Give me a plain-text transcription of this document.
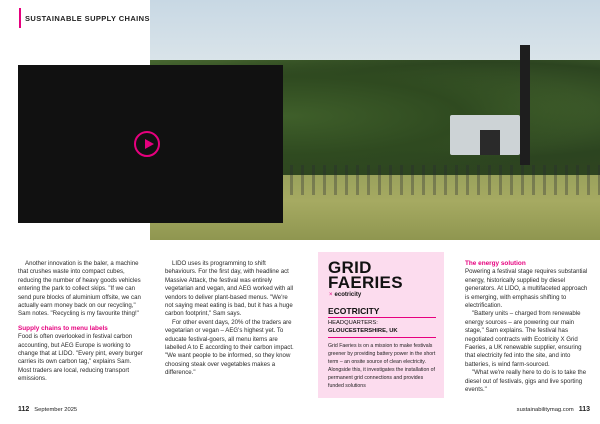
SUSTAINABLE SUPPLY CHAINS

Another innovation is the baler, a machine that crushes waste into compact cubes, reducing the number of heavy goods vehicles entering the park to collect skips. "If we can send pure blocks of aluminium offsite, we can actually earn money back on our recycling," Sam notes. "Recycling is my favourite thing!"

Supply chains to menu labels

Food is often overlooked in festival carbon accounting, but AEG Europe is working to change that at LIDO. "Every pint, every burger carries its own carbon tag," explains Sam. Most traders are local, reducing transport emissions.

LIDO uses its programming to shift behaviours. For the first day, with headline act Massive Attack, the festival was entirely vegetarian and vegan, and AEG worked with all vendors to deliver plant-based menus. "We're not saying meat eating is bad, but it has a huge carbon footprint," Sam says.

For other event days, 20% of the traders are vegetarian or vegan – AEG's highest yet. To educate festival-goers, all menu items are labelled A to E according to their carbon impact. "We want people to be informed, so they know choosing steak over vegetables makes a difference."

GRID
FAERIES
× ecotricity
ECOTRICITY
HEADQUARTERS:
GLOUCESTERSHIRE, UK
Grid Faeries is on a mission to make festivals greener by providing battery power in the short term – an onsite source of clean electricity. Alongside this, it investigates the installation of permanent grid connections and provides funded solutions
The energy solution

Powering a festival stage requires substantial energy, historically supplied by diesel generators. At LIDO, a multifaceted approach is emerging, with emphasis shifting to electrification.

"Battery units – charged from renewable energy sources – are powering our main stage," Sam explains. The festival has negotiated contracts with Ecotricity X Grid Faeries, a UK renewable supplier, ensuring that electricity fed into the site, and into batteries, is wind farm-sourced.

"What we're really here to do is to take the diesel out of festivals, gigs and live sporting events."

112 September 2025	sustainabilitymag.com 113
